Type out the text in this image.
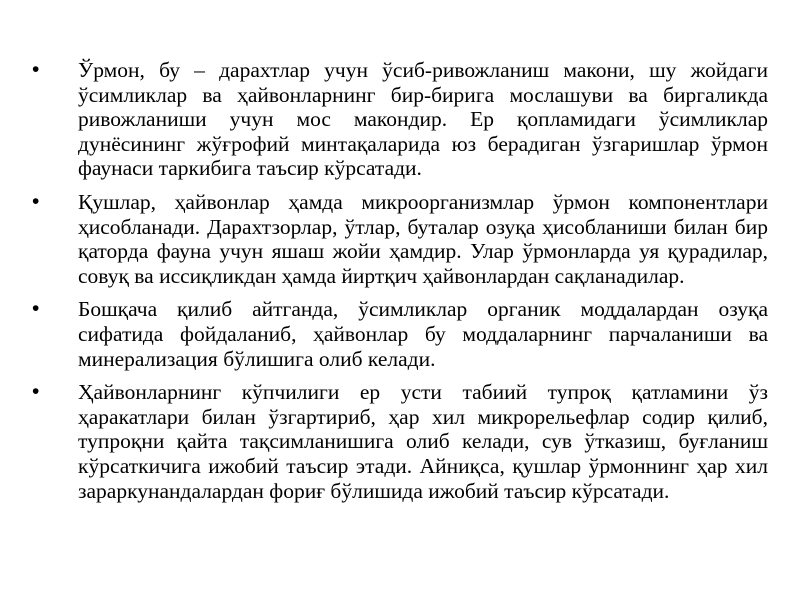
•	Ўрмон, бу – дарахтлар учун ўсиб-ривожланиш макони, шу жойдаги ўсимликлар ва ҳайвонларнинг бир-бирига мослашуви ва биргаликда ривожланиши учун мос макондир. Ер қопламидаги ўсимликлар дунёсининг жўғрофий минтақаларида юз берадиган ўзгаришлар ўрмон фаунаси таркибига таъсир кўрсатади.
•	Қушлар, ҳайвонлар ҳамда микроорганизмлар ўрмон компонентлари ҳисобланади. Дарахтзорлар, ўтлар, буталар озуқа ҳисобланиши билан бир қаторда фауна учун яшаш жойи ҳамдир. Улар ўрмонларда уя қурадилар, совуқ ва иссиқликдан ҳамда йиртқич ҳайвонлардан сақланадилар.
•	Бошқача қилиб айтганда, ўсимликлар органик моддалардан озуқа сифатида фойдаланиб, ҳайвонлар бу моддаларнинг парчаланиши ва минерализация бўлишига олиб келади.
•	Ҳайвонларнинг кўпчилиги ер усти табиий тупроқ қатламини ўз ҳаракатлари билан ўзгартириб, ҳар хил микрорельефлар содир қилиб, тупроқни қайта тақсимланишига олиб келади, сув ўтказиш, буғланиш кўрсаткичига ижобий таъсир этади. Айниқса, қушлар ўрмоннинг ҳар хил зараркунандалардан фориғ бўлишида ижобий таъсир кўрсатади.
